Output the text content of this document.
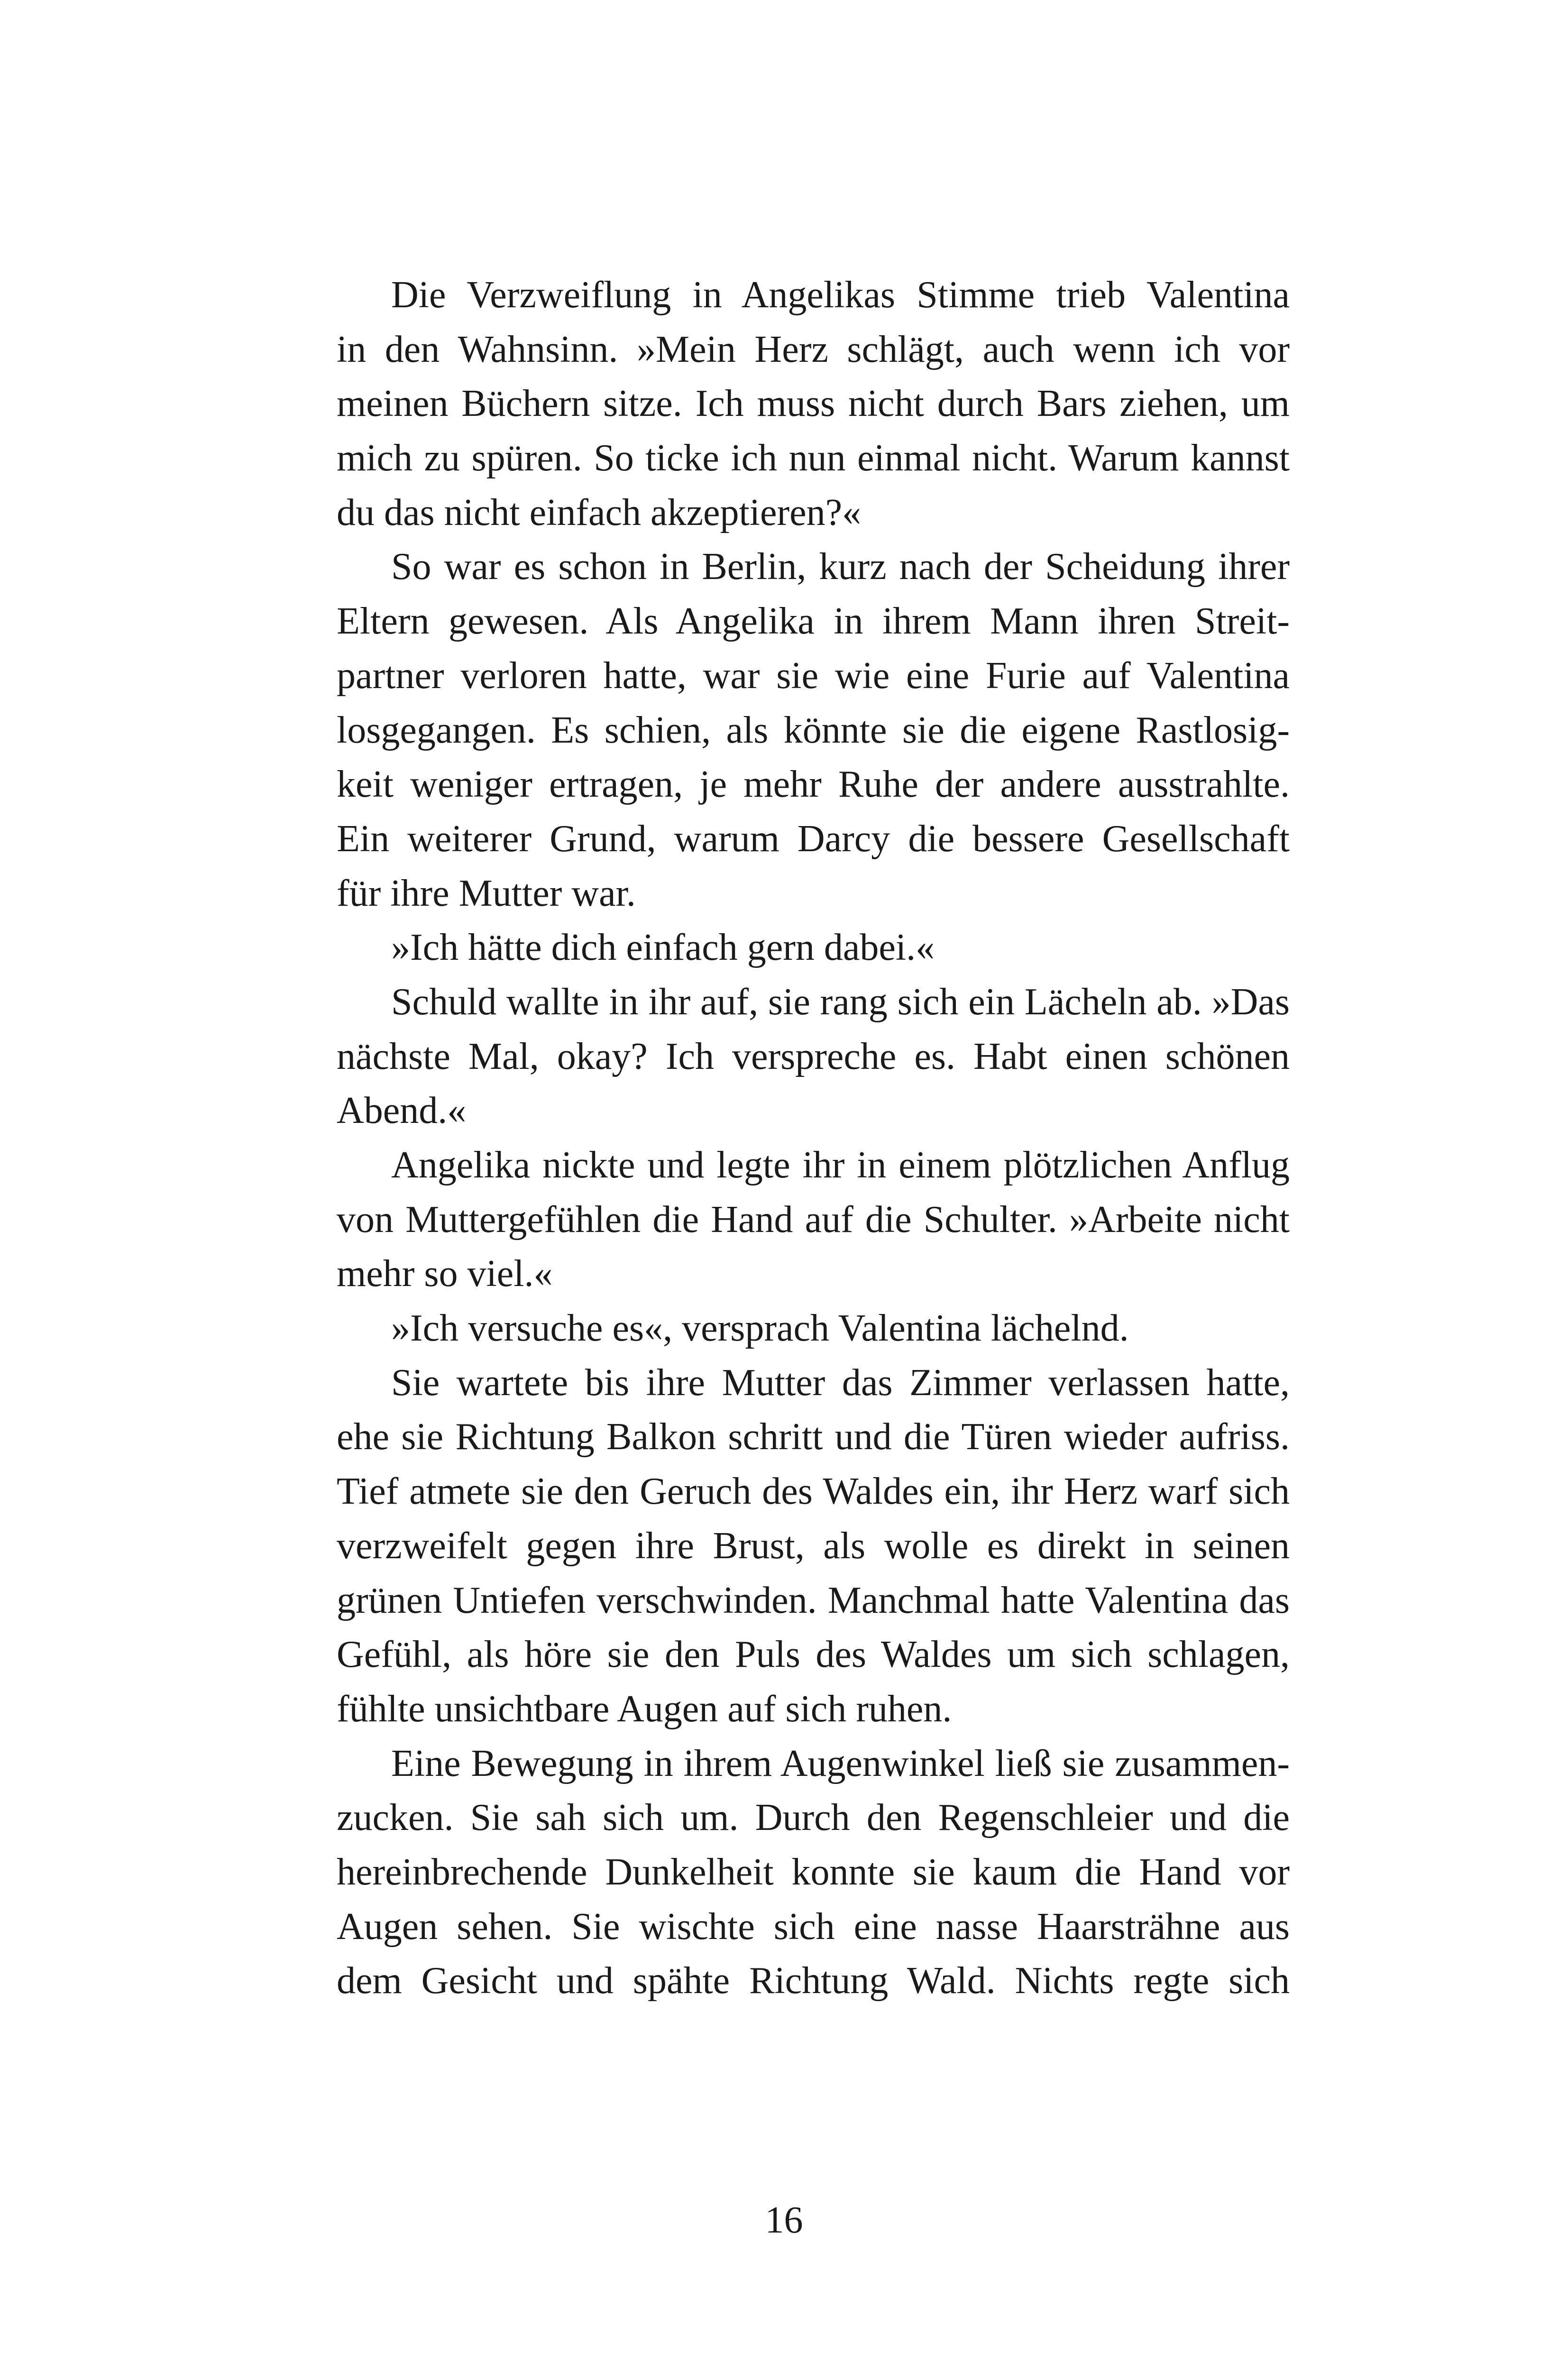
Die Verzweiflung in Angelikas Stimme trieb Valentina
in den Wahnsinn. »Mein Herz schlägt, auch wenn ich vor
meinen Büchern sitze. Ich muss nicht durch Bars ziehen, um
mich zu spüren. So ticke ich nun einmal nicht. Warum kannst
du das nicht einfach akzeptieren?«
So war es schon in Berlin, kurz nach der Scheidung ihrer
Eltern gewesen. Als Angelika in ihrem Mann ihren Streit-
partner verloren hatte, war sie wie eine Furie auf Valentina
losgegangen. Es schien, als könnte sie die eigene Rastlosig-
keit weniger ertragen, je mehr Ruhe der andere ausstrahlte.
Ein weiterer Grund, warum Darcy die bessere Gesellschaft
für ihre Mutter war.
»Ich hätte dich einfach gern dabei.«
Schuld wallte in ihr auf, sie rang sich ein Lächeln ab. »Das
nächste Mal, okay? Ich verspreche es. Habt einen schönen
Abend.«
Angelika nickte und legte ihr in einem plötzlichen Anflug
von Muttergefühlen die Hand auf die Schulter. »Arbeite nicht
mehr so viel.«
»Ich versuche es«, versprach Valentina lächelnd.
Sie wartete bis ihre Mutter das Zimmer verlassen hatte,
ehe sie Richtung Balkon schritt und die Türen wieder aufriss.
Tief atmete sie den Geruch des Waldes ein, ihr Herz warf sich
verzweifelt gegen ihre Brust, als wolle es direkt in seinen
grünen Untiefen verschwinden. Manchmal hatte Valentina das
Gefühl, als höre sie den Puls des Waldes um sich schlagen,
fühlte unsichtbare Augen auf sich ruhen.
Eine Bewegung in ihrem Augenwinkel ließ sie zusammen-
zucken. Sie sah sich um. Durch den Regenschleier und die
hereinbrechende Dunkelheit konnte sie kaum die Hand vor
Augen sehen. Sie wischte sich eine nasse Haarsträhne aus
dem Gesicht und spähte Richtung Wald. Nichts regte sich
16
